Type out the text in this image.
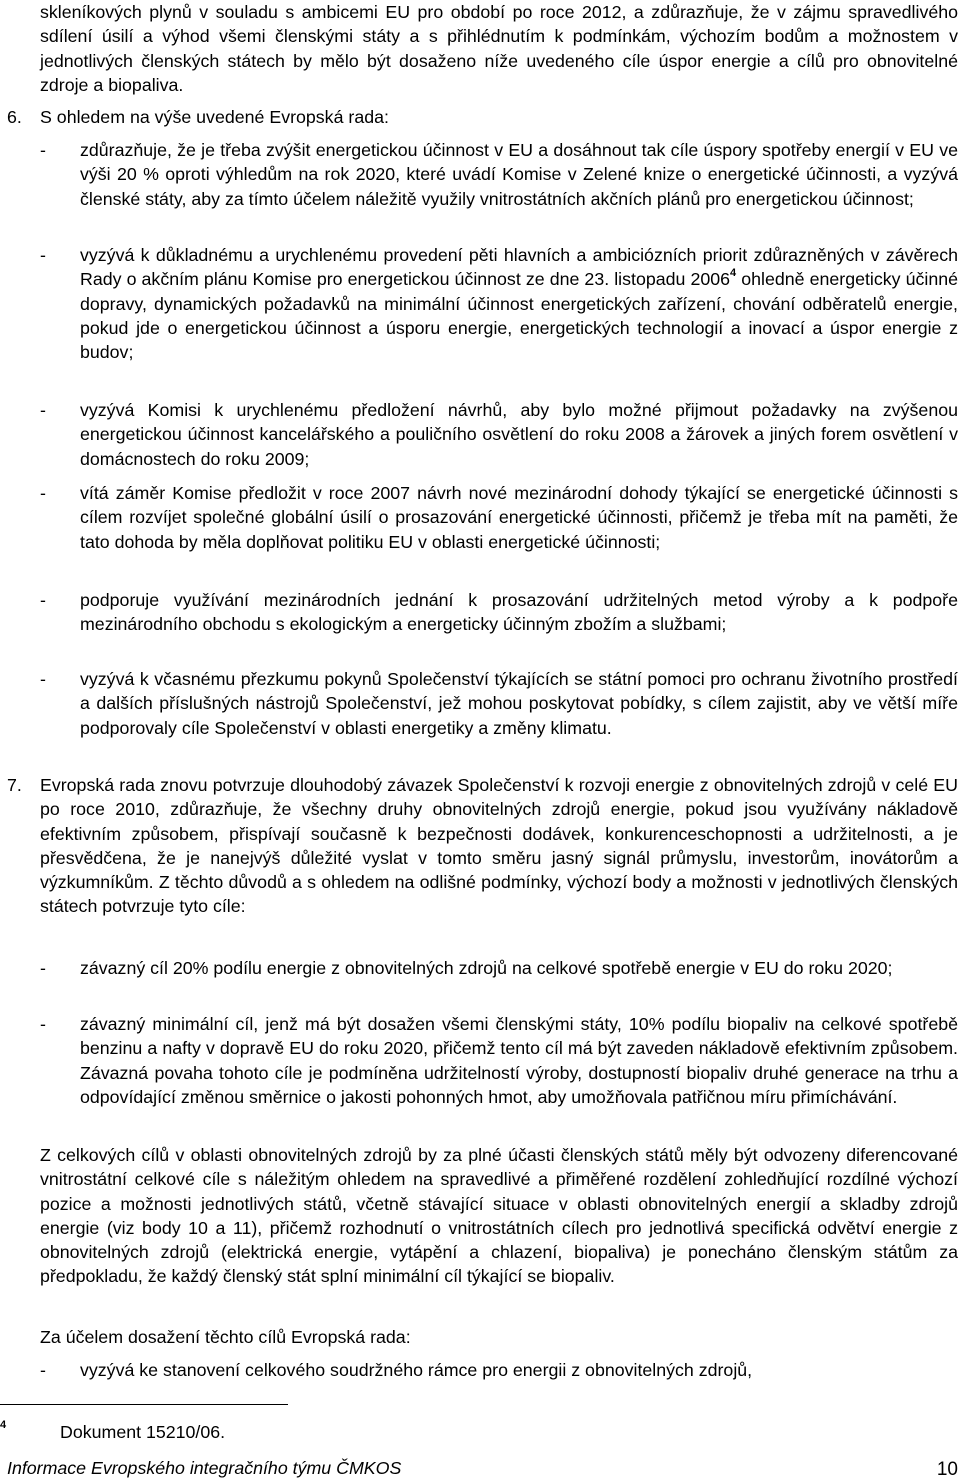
skleníkových plynů v souladu s ambicemi EU pro období po roce 2012, a zdůrazňuje, že v zájmu spravedlivého sdílení úsilí a výhod všemi členskými státy a s přihlédnutím k podmínkám, výchozím bodům a možnostem v jednotlivých členských státech by mělo být dosaženo níže uvedeného cíle úspor energie a cílů pro obnovitelné zdroje a biopaliva.

6.	S ohledem na výše uvedené Evropská rada:
-	zdůrazňuje, že je třeba zvýšit energetickou účinnost v EU a dosáhnout tak cíle úspory spotřeby energií v EU ve výši 20 % oproti výhledům na rok 2020, které uvádí Komise v Zelené knize o energetické účinnosti, a vyzývá členské státy, aby za tímto účelem náležitě využily vnitrostátních akčních plánů pro energetickou účinnost;
-	vyzývá k důkladnému a urychlenému provedení pěti hlavních a ambiciózních priorit zdůrazněných v závěrech Rady o akčním plánu Komise pro energetickou účinnost ze dne 23. listopadu 2006$^4$ ohledně energeticky účinné dopravy, dynamických požadavků na minimální účinnost energetických zařízení, chování odběratelů energie, pokud jde o energetickou účinnost a úsporu energie, energetických technologií a inovací a úspor energie z budov;
-	vyzývá Komisi k urychlenému předložení návrhů, aby bylo možné přijmout požadavky na zvýšenou energetickou účinnost kancelářského a pouličního osvětlení do roku 2008 a žárovek a jiných forem osvětlení v domácnostech do roku 2009;
-	vítá záměr Komise předložit v roce 2007 návrh nové mezinárodní dohody týkající se energetické účinnosti s cílem rozvíjet společné globální úsilí o prosazování energetické účinnosti, přičemž je třeba mít na paměti, že tato dohoda by měla doplňovat politiku EU v oblasti energetické účinnosti;
-	podporuje využívání mezinárodních jednání k prosazování udržitelných metod výroby a k podpoře mezinárodního obchodu s ekologickým a energeticky účinným zbožím a službami;
-	vyzývá k včasnému přezkumu pokynů Společenství týkajících se státní pomoci pro ochranu životního prostředí a dalších příslušných nástrojů Společenství, jež mohou poskytovat pobídky, s cílem zajistit, aby ve větší míře podporovaly cíle Společenství v oblasti energetiky a změny klimatu.
7.	Evropská rada znovu potvrzuje dlouhodobý závazek Společenství k rozvoji energie z obnovitelných zdrojů v celé EU po roce 2010, zdůrazňuje, že všechny druhy obnovitelných zdrojů energie, pokud jsou využívány nákladově efektivním způsobem, přispívají současně k bezpečnosti dodávek, konkurenceschopnosti a udržitelnosti, a je přesvědčena, že je nanejvýš důležité vyslat v tomto směru jasný signál průmyslu, investorům, inovátorům a výzkumníkům. Z těchto důvodů a s ohledem na odlišné podmínky, výchozí body a možnosti v jednotlivých členských státech potvrzuje tyto cíle:
-	závazný cíl 20% podílu energie z obnovitelných zdrojů na celkové spotřebě energie v EU do roku 2020;
-	závazný minimální cíl, jenž má být dosažen všemi členskými státy, 10% podílu biopaliv na celkové spotřebě benzinu a nafty v dopravě EU do roku 2020, přičemž tento cíl má být zaveden nákladově efektivním způsobem. Závazná povaha tohoto cíle je podmíněna udržitelností výroby, dostupností biopaliv druhé generace na trhu a odpovídající změnou směrnice o jakosti pohonných hmot, aby umožňovala patřičnou míru přimíchávání.

Z celkových cílů v oblasti obnovitelných zdrojů by za plné účasti členských států měly být odvozeny diferencované vnitrostátní celkové cíle s náležitým ohledem na spravedlivé a přiměřené rozdělení zohledňující rozdílné výchozí pozice a možnosti jednotlivých států, včetně stávající situace v oblasti obnovitelných energií a skladby zdrojů energie (viz body 10 a 11), přičemž rozhodnutí o vnitrostátních cílech pro jednotlivá specifická odvětví energie z obnovitelných zdrojů (elektrická energie, vytápění a chlazení, biopaliva) je ponecháno členským státům za předpokladu, že každý členský stát splní minimální cíl týkající se biopaliv.

Za účelem dosažení těchto cílů Evropská rada:

-	vyzývá ke stanovení celkového soudržného rámce pro energii z obnovitelných zdrojů,
4	Dokument 15210/06.
Informace Evropského integračního týmu ČMKOS	10
